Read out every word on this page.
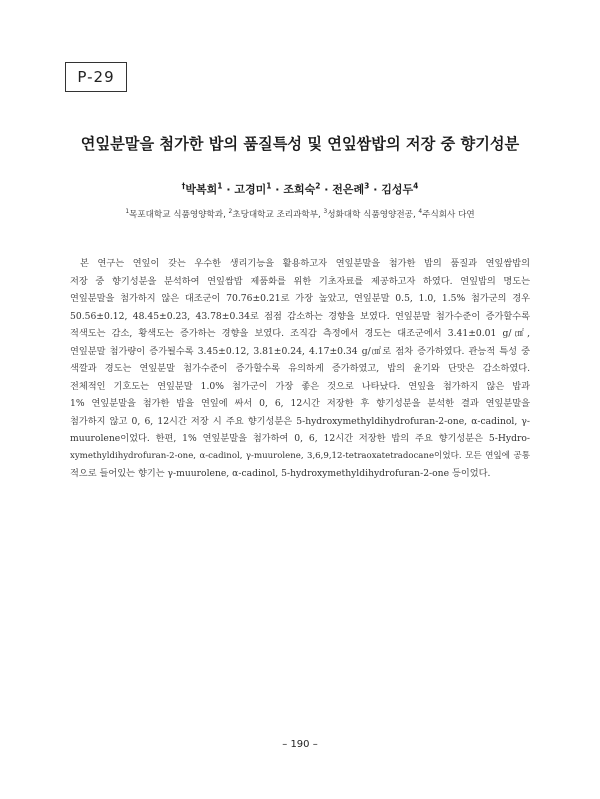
P-29
연잎분말을 첨가한 밥의 품질특성 및 연잎쌈밥의 저장 중 향기성분
†박복희$^1$ · 고경미$^1$ · 조희숙$^2$ · 전은례$^3$ · 김성두$^4$
$^1$목포대학교 식품영양학과, $^2$초당대학교 조리과학부, $^3$성화대학 식품영양전공, $^4$주식회사 다연
본 연구는 연잎이 갖는 우수한 생리기능을 활용하고자 연잎분말을 첨가한 밥의 품질과 연잎쌈밥의
저장 중 향기성분을 분석하여 연잎쌈밥 제품화를 위한 기초자료를 제공하고자 하였다. 연잎밥의 명도는
연잎분말을 첨가하지 않은 대조군이 70.76±0.21로 가장 높았고, 연잎분말 0.5, 1.0, 1.5% 첨가군의 경우
50.56±0.12, 48.45±0.23, 43.78±0.34로 점점 감소하는 경향을 보였다. 연잎분말 첨가수준이 증가할수록
적색도는 감소, 황색도는 증가하는 경향을 보였다. 조직감 측정에서 경도는 대조군에서 3.41±0.01 g/㎠,
연잎분말 첨가량이 증가될수록 3.45±0.12, 3.81±0.24, 4.17±0.34 g/㎠로 점차 증가하였다. 관능적 특성 중
색깔과 경도는 연잎분말 첨가수준이 증가할수록 유의하게 증가하였고, 밥의 윤기와 단맛은 감소하였다.
전체적인 기호도는 연잎분말 1.0% 첨가군이 가장 좋은 것으로 나타났다. 연잎을 첨가하지 않은 밥과
1% 연잎분말을 첨가한 밥을 연잎에 싸서 0, 6, 12시간 저장한 후 향기성분을 분석한 결과 연잎분말을
첨가하지 않고 0, 6, 12시간 저장 시 주요 향기성분은 5-hydroxymethyldihydrofuran-2-one, α-cadinol, γ-
muurolene이었다. 한편, 1% 연잎분말을 첨가하여 0, 6, 12시간 저장한 밥의 주요 향기성분은 5-Hydro-
xymethyldihydrofuran-2-one, α-cadinol, γ-muurolene, 3,6,9,12-tetraoxatetradocane이었다. 모든 연잎에 공통
적으로 들어있는 향기는 γ-muurolene, α-cadinol, 5-hydroxymethyldihydrofuran-2-one 등이었다.
– 190 –
